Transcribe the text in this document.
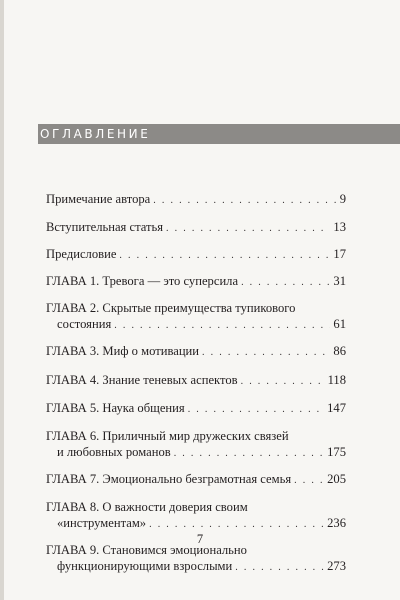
ОГЛАВЛЕНИЕ
Примечание автора . . .	9
Вступительная статья . . .	13
Предисловие . . .	17
ГЛАВА 1. Тревога — это суперсила . . .	31
ГЛАВА 2. Скрытые преимущества тупикового
состояния . . .	61
ГЛАВА 3. Миф о мотивации . . .	86
ГЛАВА 4. Знание теневых аспектов . . .	118
ГЛАВА 5. Наука общения . . .	147
ГЛАВА 6. Приличный мир дружеских связей
и любовных романов . . .	175
ГЛАВА 7. Эмоционально безграмотная семья . . .	205
ГЛАВА 8. О важности доверия своим
«инструментам» . . .	236
ГЛАВА 9. Становимся эмоционально
функционирующими взрослыми . . .	273
7
